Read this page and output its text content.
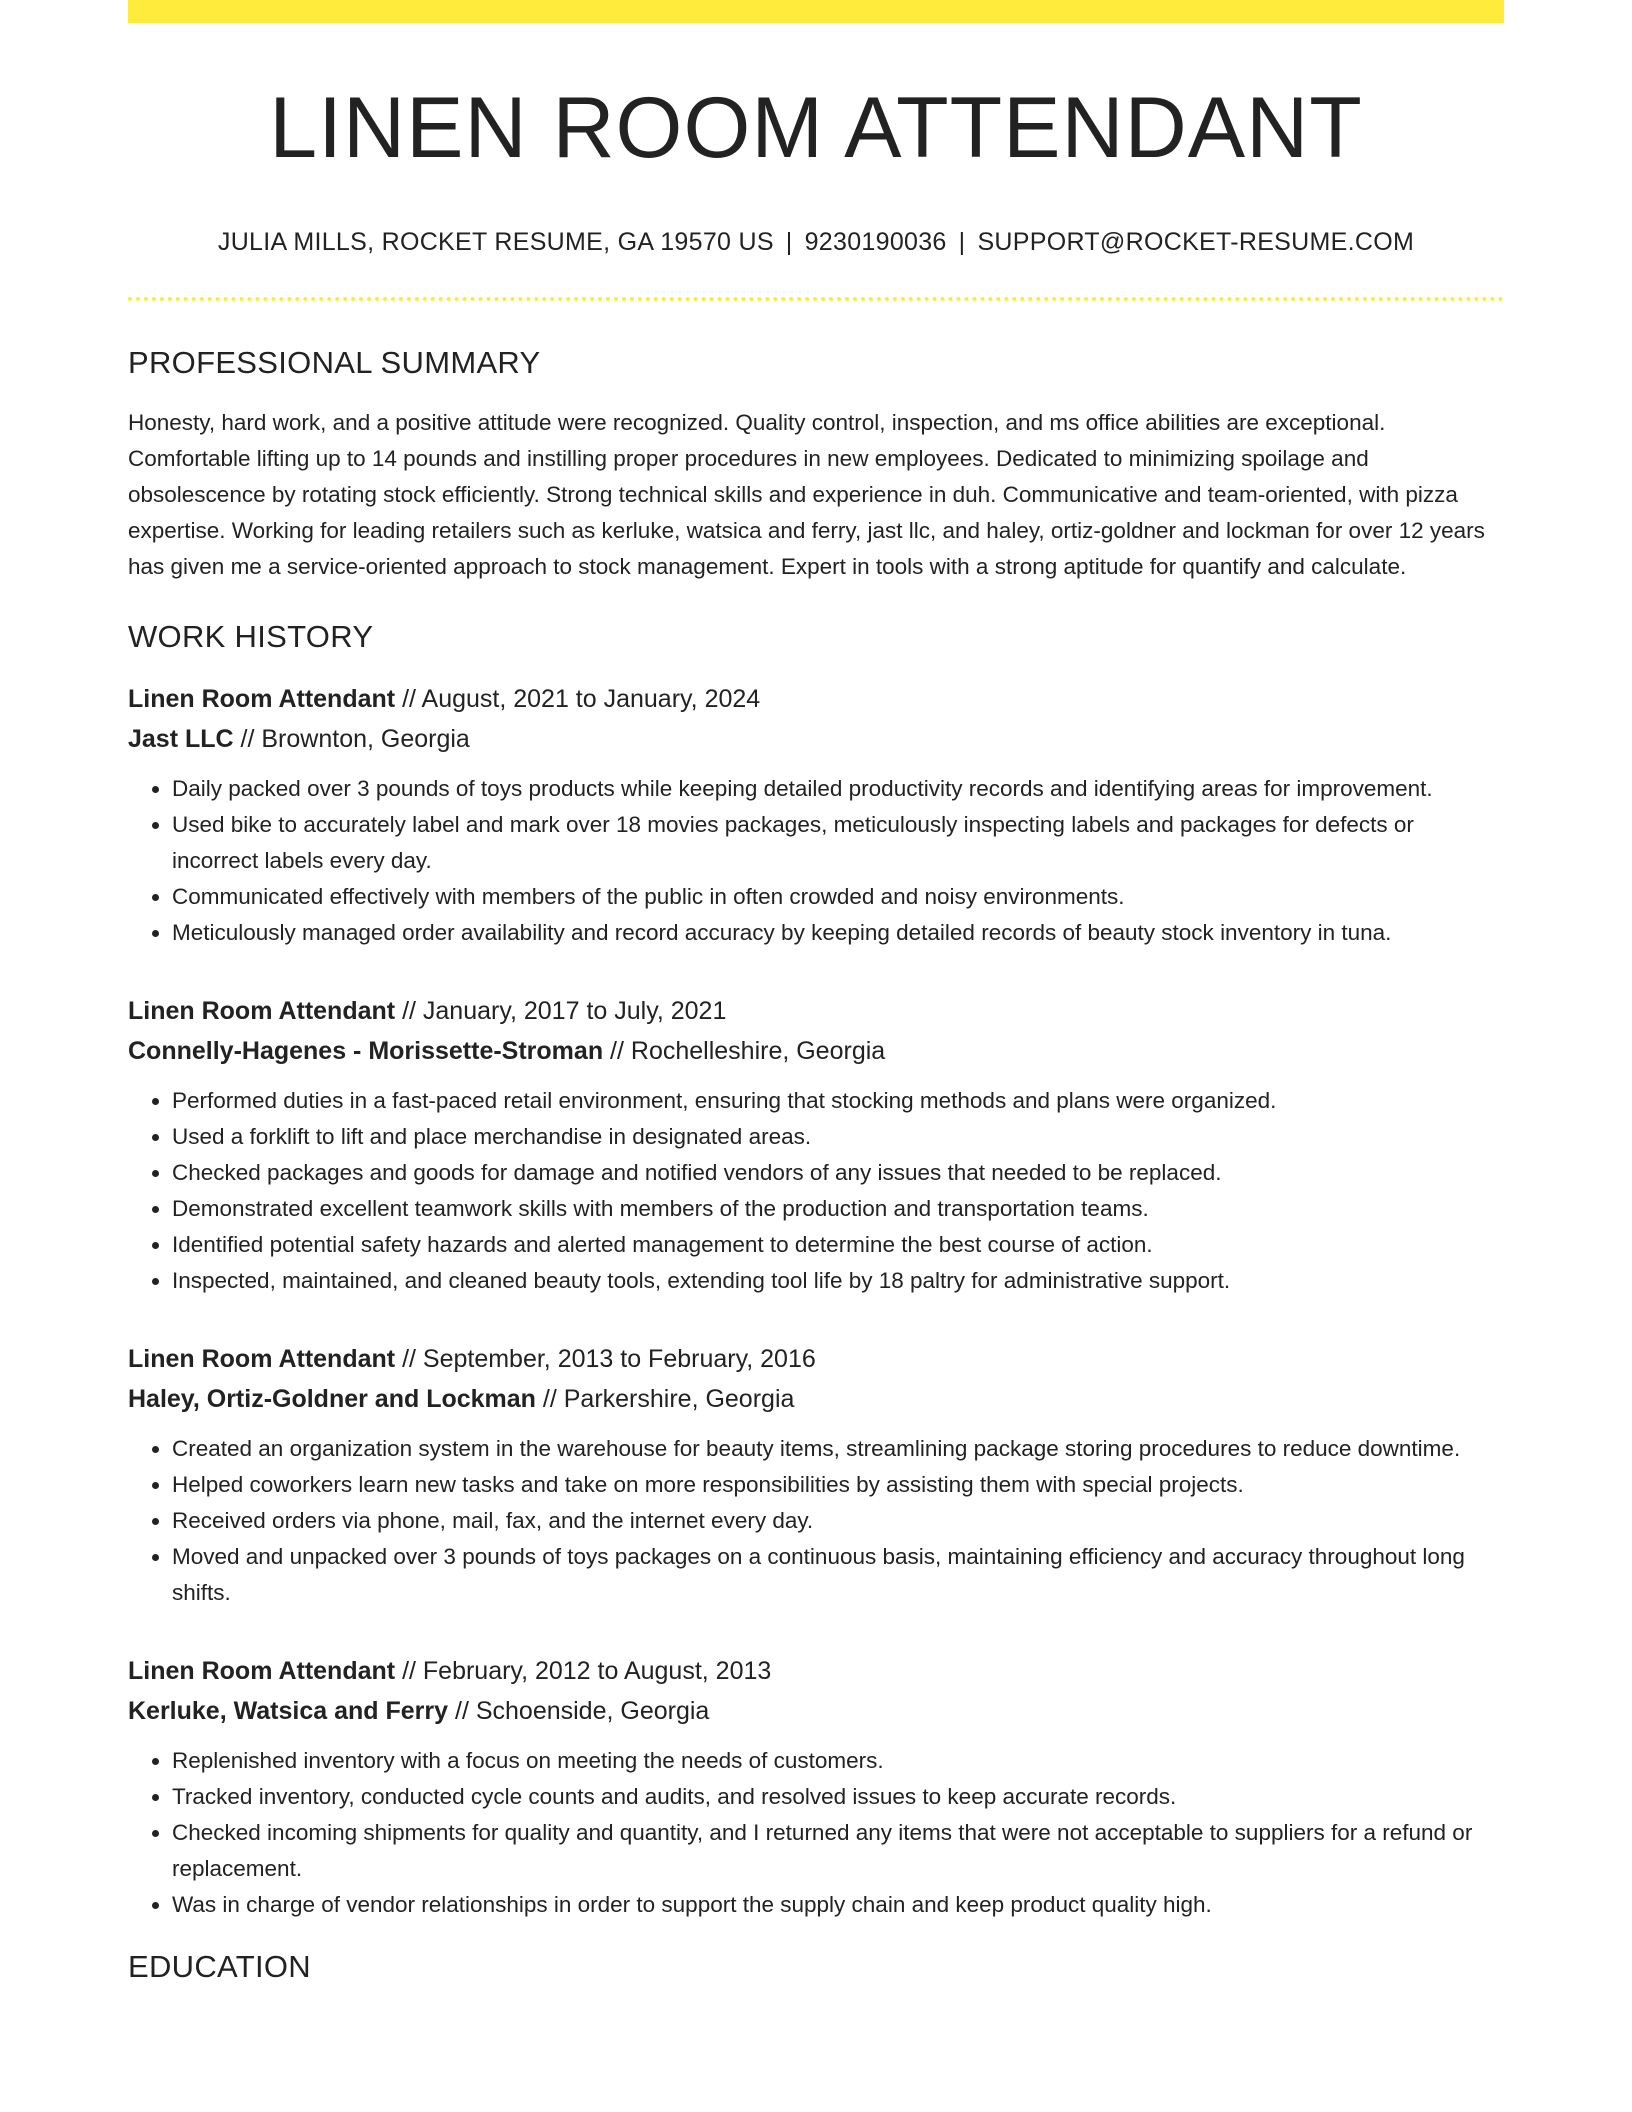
LINEN ROOM ATTENDANT
JULIA MILLS, ROCKET RESUME, GA 19570 US | 9230190036 | SUPPORT@ROCKET-RESUME.COM
PROFESSIONAL SUMMARY

Honesty, hard work, and a positive attitude were recognized. Quality control, inspection, and ms office abilities are exceptional. Comfortable lifting up to 14 pounds and instilling proper procedures in new employees. Dedicated to minimizing spoilage and obsolescence by rotating stock efficiently. Strong technical skills and experience in duh. Communicative and team-oriented, with pizza expertise. Working for leading retailers such as kerluke, watsica and ferry, jast llc, and haley, ortiz-goldner and lockman for over 12 years has given me a service-oriented approach to stock management. Expert in tools with a strong aptitude for quantify and calculate.

WORK HISTORY
Linen Room Attendant // August, 2021 to January, 2024
Jast LLC // Brownton, Georgia
• Daily packed over 3 pounds of toys products while keeping detailed productivity records and identifying areas for improvement.
• Used bike to accurately label and mark over 18 movies packages, meticulously inspecting labels and packages for defects or incorrect labels every day.
• Communicated effectively with members of the public in often crowded and noisy environments.
• Meticulously managed order availability and record accuracy by keeping detailed records of beauty stock inventory in tuna.
Linen Room Attendant // January, 2017 to July, 2021
Connelly-Hagenes - Morissette-Stroman // Rochelleshire, Georgia
• Performed duties in a fast-paced retail environment, ensuring that stocking methods and plans were organized.
• Used a forklift to lift and place merchandise in designated areas.
• Checked packages and goods for damage and notified vendors of any issues that needed to be replaced.
• Demonstrated excellent teamwork skills with members of the production and transportation teams.
• Identified potential safety hazards and alerted management to determine the best course of action.
• Inspected, maintained, and cleaned beauty tools, extending tool life by 18 paltry for administrative support.
Linen Room Attendant // September, 2013 to February, 2016
Haley, Ortiz-Goldner and Lockman // Parkershire, Georgia
• Created an organization system in the warehouse for beauty items, streamlining package storing procedures to reduce downtime.
• Helped coworkers learn new tasks and take on more responsibilities by assisting them with special projects.
• Received orders via phone, mail, fax, and the internet every day.
• Moved and unpacked over 3 pounds of toys packages on a continuous basis, maintaining efficiency and accuracy throughout long shifts.
Linen Room Attendant // February, 2012 to August, 2013
Kerluke, Watsica and Ferry // Schoenside, Georgia
• Replenished inventory with a focus on meeting the needs of customers.
• Tracked inventory, conducted cycle counts and audits, and resolved issues to keep accurate records.
• Checked incoming shipments for quality and quantity, and I returned any items that were not acceptable to suppliers for a refund or replacement.
• Was in charge of vendor relationships in order to support the supply chain and keep product quality high.
EDUCATION
